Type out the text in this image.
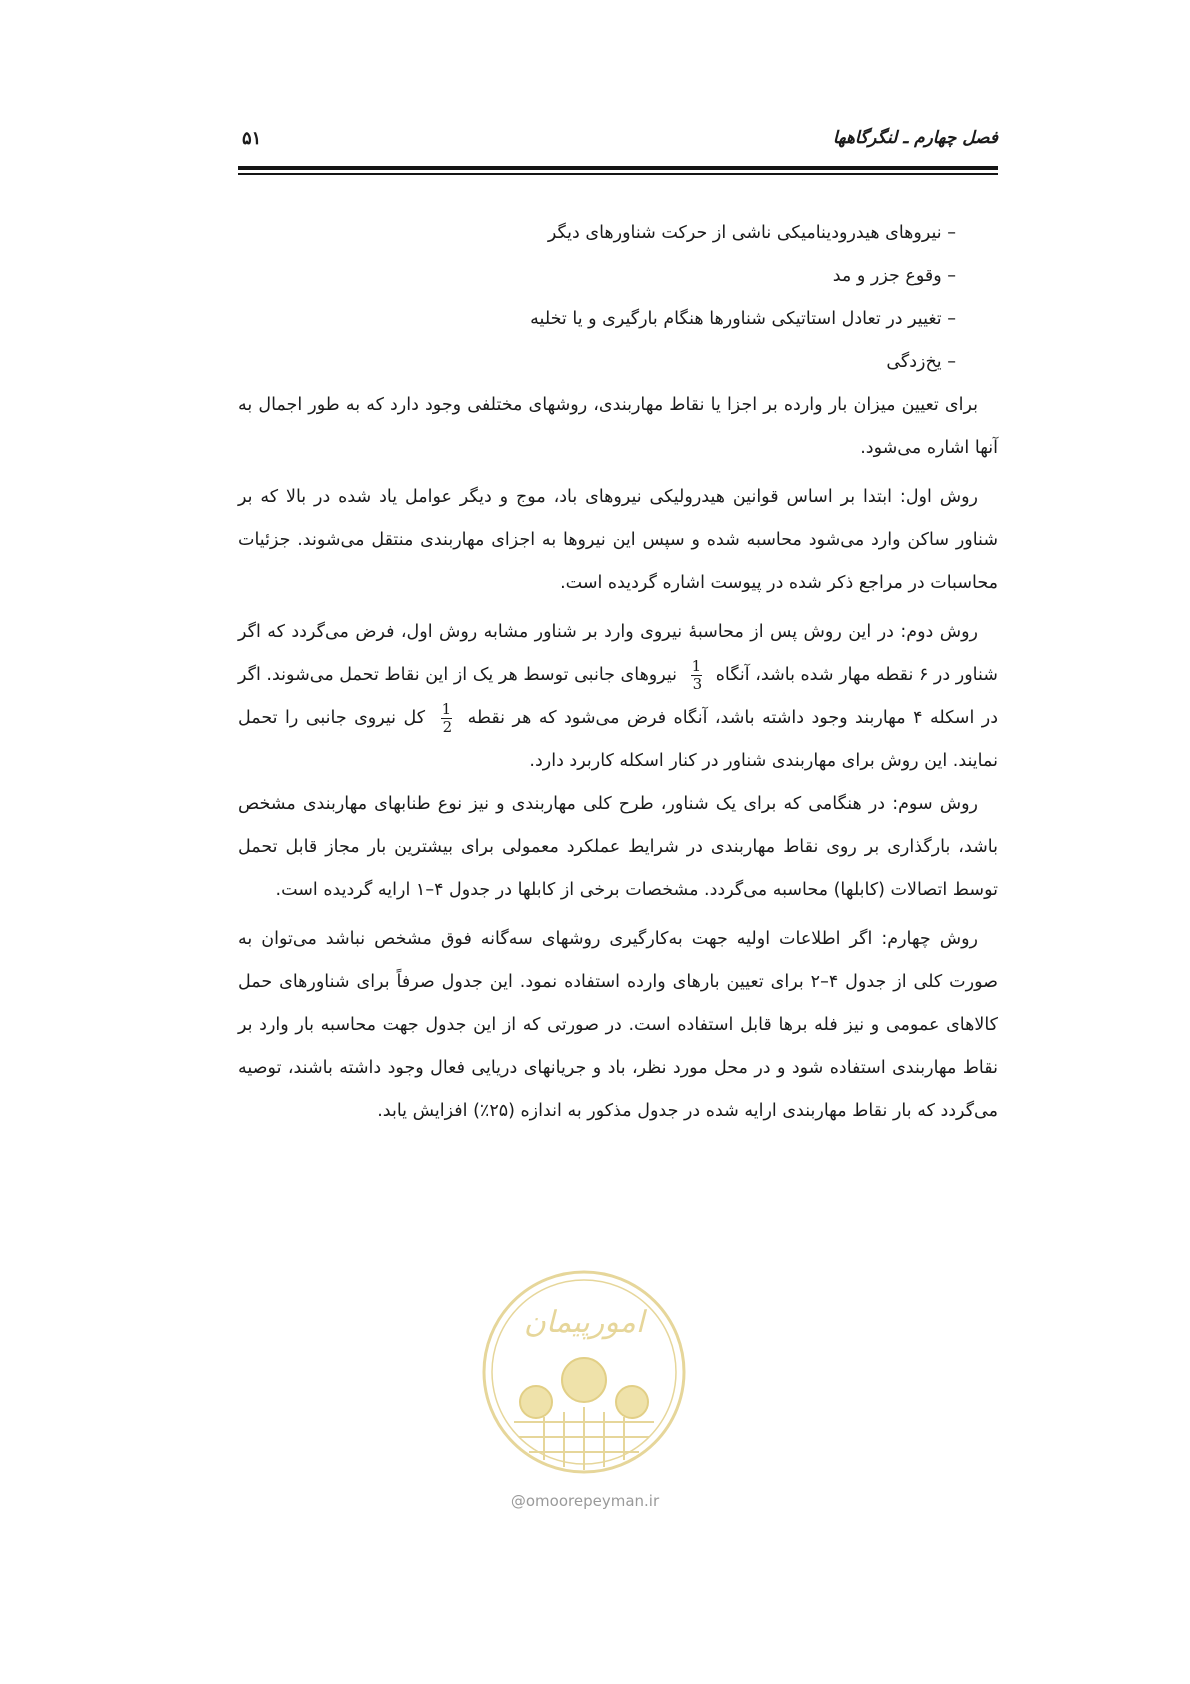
فصل چهارم ـ لنگرگاهها
۵۱
– نیروهای هیدرودینامیکی ناشی از حرکت شناورهای دیگر
– وقوع جزر و مد
– تغییر در تعادل استاتیکی شناورها هنگام بارگیری و یا تخلیه
– یخ‌زدگی

برای تعیین میزان بار وارده بر اجزا یا نقاط مهاربندی، روشهای مختلفی وجود دارد که به طور اجمال به آنها اشاره می‌شود.

روش اول: ابتدا بر اساس قوانین هیدرولیکی نیروهای باد، موج و دیگر عوامل یاد شده در بالا که بر شناور ساکن وارد می‌شود محاسبه شده و سپس این نیروها به اجزای مهاربندی منتقل می‌شوند. جزئیات محاسبات در مراجع ذکر شده در پیوست اشاره گردیده است.

روش دوم: در این روش پس از محاسبهٔ نیروی وارد بر شناور مشابه روش اول، فرض می‌گردد که اگر شناور در ۶ نقطه مهار شده باشد، آنگاه
$\frac{1}{3}$
نیروهای جانبی توسط هر یک از این نقاط تحمل می‌شوند. اگر در اسکله ۴ مهاربند وجود داشته باشد، آنگاه فرض می‌شود که هر نقطه
$\frac{1}{2}$
کل نیروی جانبی را تحمل نمایند. این روش برای مهاربندی شناور در کنار اسکله کاربرد دارد.

روش سوم: در هنگامی که برای یک شناور، طرح کلی مهاربندی و نیز نوع طنابهای مهاربندی مشخص باشد، بارگذاری بر روی نقاط مهاربندی در شرایط عملکرد معمولی برای بیشترین بار مجاز قابل تحمل توسط اتصالات (کابلها) محاسبه می‌گردد. مشخصات برخی از کابلها در جدول ۴–۱ ارایه گردیده است.

روش چهارم: اگر اطلاعات اولیه جهت به‌کارگیری روشهای سه‌گانه فوق مشخص نباشد می‌توان به صورت کلی از جدول ۴–۲ برای تعیین بارهای وارده استفاده نمود. این جدول صرفاً برای شناورهای حمل کالاهای عمومی و نیز فله برها قابل استفاده است. در صورتی که از این جدول جهت محاسبه بار وارد بر نقاط مهاربندی استفاده شود و در محل مورد نظر، باد و جریانهای دریایی فعال وجود داشته باشند، توصیه می‌گردد که بار نقاط مهاربندی ارایه شده در جدول مذکور به اندازه (۲۵٪) افزایش یابد.

امورپیمان
@omoorepeyman.ir
